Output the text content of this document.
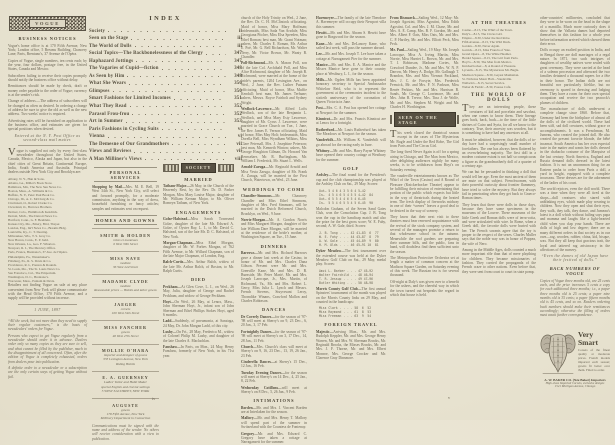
VOGUE
BUSINESS NOTICES

Vogue's home office is at 170 Fifth Avenue, New York; London office, 5 Breams Building, Chancery Lane; Paris, Brentano's, 37 Avenue de l'Opéra.

Copies of Vogue, single numbers, ten cents each; by the year, four dollars, postage free, in the United States, Canada and Mexico.

Subscribers failing to receive their copies promptly should notify the business office without delay.

Remittances should be made by check, draft or money order payable to the order of Vogue; currency is at the sender's risk.

Change of address.—The address of subscribers will be changed as often as desired. In ordering a change of address be sure to give the old as well as the new address. Two weeks' notice is required.

Advertising rates will be furnished on application to the business office, and estimates are given for special positions when desired.

Entered at the N. Y. Post Office as second-class mail matter.

Vogue is supplied not only by every first-class newsdealer throughout the United States, Canada, Mexico, Alaska and Japan, but also in the chief cities of Great Britain, Continental Europe, India, South America and Australia. Principal dealers outside New York City and Brooklyn are:

Albany, N. Y., Hun & Sons.
Atlanta, Ga., Miller's Book Store.
Baltimore, Md., The New Sun News Co.
Boston, Mass., A. Williams & Co.
Buffalo, N. Y., Peter Paul Book Co.
Chicago, Ill., A. C. McClurg & Co.
Cincinnati, O., Robert Clarke Co.
Cleveland, O., Burrows Brothers.
Denver, Colo., Hamilton & Kendrick.
Detroit, Mich., The Detroit News Co.
Hartford, Conn., G. F. Heublein.
Kansas City, Mo., Emery, Bird, Thayer.
London, Eng., Int'l News Co., Breams Bldg.
Louisville, Ky., C. T. Dearing.
Milwaukee, Wis., T. S. Gray Co.
New Haven, Conn., E. P. Judd.
New Orleans, La., Geo. F. Wharton.
Newport, R. I., The Mercury Office.
Paris, France, Brentano's, 37 Ave. de l'Opéra.
Philadelphia, Pa., Wanamaker's.
Pittsburg, Pa., R. S. Davis & Co.
Providence, R. I., Preston & Rounds.
St. Louis, Mo., The St. Louis News Co.
San Francisco, Cal., The Emporium.
Washington, D. C., Brentano's.
Worcester, Mass., Putnam & Davis.

Retailers not finding Vogue on sale at any place convenient from New York will please communicate with the Head Office, 170 Fifth Avenue, and a supply will be provided without increase.

1 JUNE, 1897

“All the week, but not more than they need to supply their regular customers,” is the basis of newsdealers' orders for Vogue.

Persons who expect to get Vogue regularly from a newsdealer should order it in advance. Dealers order only so many copies as they are sure to sell, and what cannot be filled by the publisher, much to the disappointment of all concerned. Often, after the edition of Vogue is completely exhausted, orders from dealers pour into publication.

A definite order to a newsdealer or a subscription are the only certain ways of getting Vogue without fail.

INDEX
Society	ii
Seen on the Stage	iii
The World of Dolls	iii
Social Topics—The Backbonelessness of the Clergy	347
Haphazard Jottings	347
The Vagaries of Cupid—fiction	348
As Seen by Him	348
What She Wears	350
Glimpses	350
Smart Fashions for Limited Incomes	351
What They Read	352
Parasol Frou-frou	352
Art in Summer	353
Paris Fashions in Cycling Suits	vi
Vienna	vi
The Demesne of Our Grandmothers	vii
Views and Reviews	vii
A Man Milliner's Views	viii
PERSONAL SERVICES

Shopping by Mail—Mrs. M. E. Bell, 19 West 34th St., New York City, will select and forward promptly, for a moderate commission, anything in the way of dress, household furnishing or fancy articles; samples and estimates sent on request.

HOMES AND GOWNS
SMITH & HOLDEN
robes et manteaux
6 West 39th Street
MISS NAVE
modiste
36 West 22d Street
MADAME CLYDE
modiste
Reasonable prices — Habits and tailor gowns
JAEGER
corsets
160 West 34th Street
MISS FANCHER
gowns
48 West 27th Street
MOLLIE O'HARA
importer and designer of gowns
333 Lexington Avenue, New York
Riding Habits
E. A. GUERNSEY
Ladies' Tailor and Habit Maker
special English and cheviot suitings
5 WEST 32d STREET, NEW YORK
AUGUSTE
gowns
178 Fifth Avenue, New York
Millinery Department in Connection

Communications must be signed with the name and address of the sender. No others will receive consideration with a view to publication.

SOCIETY
MARRIED

Tatham-Major—26 May, in the Church of the Heavenly Rest, by the Rev. Dr. D. Parker Morgan, Miss Mary Louise Major, daughter of Mr. William Kernan Major, to Mr. Oliver Romeyn Tatham, of New York.

ENGAGEMENTS

Golze-Halstead—Miss Sarah Townsend Golze, daughter of the late Mr. Edward A. Golze, of Oyster Bay, L. I., to Mr. David C. Halstead, son of the late Mr. D. C. Halstead, of New York.

Morgan-Chapman—Miss Ethel Morgan, daughter of Mr. W. Forbes Morgan, of 762 Fifth Avenue, to Mr. Willard Chapman, son of the late Major Chapman, of London, Eng.

Balch-Curtis—Mrs. Arthur Balch, widow of the late Mr. Arthur Balch, of Boston, to Mr. Ralph Curtis.

DIED

Peckham—At Glen Cove, L. I., on Wed., 26 May, Julia, daughter of George and Rachel Peckham, and widow of George Peckham.

Hoyt—On Wed., 26 May, at Lenox, Mass., John Sherman Hoyt, Jr., infant son of John Sherman and Ethel Phillips Stokes Hoyt, aged 6 months.

Ladd—Suddenly, of pneumonia, at Saratoga, 24 May, Dr. John Morgan Ladd, of this city.

Lusby—On Fri., 28 May, Frederica M., widow of Colonel Philip M. Lusby, and daughter of the late Charles A. Maclachlan.

Fanshaw—In Paris, on Mon., 24 May, Henry Fanshaw, formerly of New York, in his 71st year.

church of the Holy Trinity on Wed., 2 June, the Rev. Dr. C. H. McClintock officiating. Maid of honor, Miss Mary Hoffman; bridesmaids, Miss Sada Van Arsdale, Miss Georgiana Pitcher, Miss Elsa Speeden, Miss Ethel Roman; best man, Mr. Grant Notman; ushers, Mr. Charles E. Roman, Mr. Arthur E. Poë, Mr. G. Bell Richardson, Mr. Walter Terry, Mr. Victor Brown, Mr. Wanty B. Chandler.

Poll-Richmond—Mr. A. Mason Poll, son of the late Col. Archibald Poll, and Miss Alice Richmond, daughter of Mr. Joseph B. Richmond, were married at the home of the bride's parents, 1204 Lexington Ave., on Wed., 2 June, the Rev. Luther Putnam officiating. Maid of honor, Miss Muffie Kendall; best man, Mr. James Terhune; ushers, Messrs. Royce Fairholt and Sydney Wright.

Wedlock-Lawrence—Mr. Alfred Lofts Wedlock, son of the late Benjamin L. Wedlock, and Miss Mary Esty Lawrence, daughter of Mr. Cyrus J. Lawrence, were married in Grace Church on Tue., 1 June, the Rev. James E. Vernon officiating. Maid of honor, Miss May Holt; bridesmaids, Miss Dorella Bell, Miss Wyndham Wilkins, Miss Clare Petersall, Mrs. J. Josephine Peterson; best man, Mr. Kenneth Winton; ushers, Mr. George Houghton Gilman, Dr. Howard Van Rensselaer, Mr. R. Burlingham, Mr. William J. Frederick, Mr. Stuart L. Wells.

Arnold-Zaruga—Mr. Reginald Arnold and Miss Vesta Zaruga, daughter of Mr. Frank A. Zaruga, will be married in the First Church, Watertown, on Wed., 23 June.

WEDDINGS TO COME

Chandler-Simmons—Mr. Chauncey Chandler and Miss Ethel Simmons, daughter of Mrs. Fred Simmons, will be married in the Dutch Reformed Church, Brooklyn, on Wed., 9 June.

Norris-Morgan—Mr. A. Gordon Norris and Miss Margaret Morgan, daughter of the late William Dare Morgan, will be married at the residence of the bride's mother, at Washington Square, on Tue., 15 June.

DINNERS

Barrows—Mr. and Mrs. Richard Barrows gave a dinner last week at the Casino, in honor of Mr. and Mrs. Charles Dana Gibson. Present were Mr. and Mrs. Grenville Kane, Mr. and Mrs. D. B. Burnside, Mr. Peter Marié, Mr. and Mrs. Joseph Larocque, Jr., Mrs. Martin, of Richmond, Va., Mr. and Mrs. Robert L. Gerry, Miss Julia L. Lynch and Messrs. French Stevens, Stuyvesant Leroy, Thorndike Winans, Crawford Mallon and Charles Robinson.

DANCES

De Coverly Dances—for the season of '97-'98 will meet at Sherry's on 9, 23 Dec., 6, 20 Jan., 3, 17 Feb.

Fortnightly Dances—for the season of '97-'98 will meet at Sherry's on 3, 17 Dec., 14, 28 Jan., 11 Feb.

Church—Mrs. Church's class will meet at Sherry's on 9, 16, 23 Dec., 13, 19, 26 Jan., 23 Feb.

Cinderella Dances—at Sherry's 15 Dec., 12 Jan., 16 Feb.

Tuesday Evening Dances—for the season will meet at Sherry's on 14 Dec., 4, 25 Jan., 8, 22 Feb.

Wednesday Cotillons—will meet at Sherry's on 8 Dec., 5, 26 Jan., 9 Feb.

INTIMATIONS

Borden—Mr. and Mrs. J. Vincent Borden are at Interlaken for the season.

Mallory—Mr. and Mrs. Henry T. Mallory will spend part of the summer in Switzerland with the Countess de Fontenay.

Gregory—Mr. and Mrs. Edward C. Gregory have taken a cottage at Narragansett for the summer.

iv

Havemeyer—The family of the late Theodore A. Havemeyer will occupy their Newport villa this summer.

Hewitt—Mr. and Mrs. Abram S. Hewitt have gone to Ringwood for the season.

Kane—Mr. and Mrs. DeLancey Kane, who sailed last week, will pass the summer abroad.

Lee—Mr. and Mrs. Joseph T. Lee have taken a cottage at Narragansett Pier for the summer.

Manice—Mr. and Mrs. E. A. Manice and the Misses Manice have gone to their country place at Westbury, L. I., for the season.

Mills—Mr. Ogden Mills has been appointed honorary secretary to Special Ambassador Whitelaw Reid, who is to represent the government at the ceremonies incident to the sixtieth anniversary of the coronation of Queen Victoria in June.

Post—Mrs. C. A. Post has opened her cottage at Newport for the summer.

Kinnicut—Dr. and Mrs. Francis Kinnicut are at Lenox for a fortnight.

Rutherfurd—Mr. Louis Rutherfurd has taken The Meadows at Newport for the season.

Vanderbilt—Mr. William K. Vanderbilt will go abroad for the racing early in June.

Whitney—Mr. and Mrs. Harry Payne Whitney have opened their country cottage at Westbury for the summer.

GOLF

Ardsley—The final round for the President's cup and the club championship was played at the Ardsley Club on Sat., 29 May. Scores:

Out— 5 4 6 4 3 5 6 4 5—42
In—  4 5 4 6 5 4 5 5 4—42  84
Out— 6 5 5 4 4 6 5 4 6—45
In—  5 5 4 6 5 5 4 5 6—45  90

Malcolm Graham, of the Seven Sand Gates Club, won the Consolation Cup. J. B. Tong won the cup in the handicap match and also the prize for the best gross score; W. E. Fahy, second; A. W. Gale, third. Scores:

J. B. Tong . . . 42 41—83  6  77
W. E. Fahy . . . 44 43—87  8  79
A. W. Gale . . . 45 44—89  9  80
H. M. Olds . . . 46 45—91 10  81

Dyker Meadow—The first tournament over the extended course was held at the Dyker Meadow Golf Club on Sat., 29 May, medal play. Scores:

Amzi L. Barber . . . 47 45—92
Walter Fairchild . . 48 46—94
T. R. Jessup . . . . 49 47—96
Butler Whiting . . . 50 48—98

Morris County Golf Club—The first annual Spinsters' tournament of the month was played on the Morris County links on 29 May, and counted in the handicaps:

Miss Clark . . . . 58  6  52
Miss Raymond . . . 61  8  53
Miss Freeman . . . 63  9  54
FOREIGN TRAVEL

Majestic—Arriving Mon., Mr. and Mrs. Rudolph Keppler, Mr. and Mrs. George Henry Warren, Mr. and Mrs. W. Sherman Brooks, Mr. Reginald Brooks, the Misses Brooks, Mr. and Mrs. J. F. Thorne, Mr. and Mrs. Elbert Monroe, Mrs. George Crocker and Mr. Clarence Gray Dinsmore.

From Bismarck—Sailing Wed., 12 May: Mr. Joseph Agostini, Miss Agostini, Miss Edith Agostini, Col. and Mrs. J. M. Chase, Mr. and Mrs. A. E. Camp, Mrs. B. F. Gordon, Mr. and Mrs. Albert F. Oats, Miss Oats, Mr. and Mrs. C. P. Hartley, Mr. and Mrs. Elliott Peck, Miss Peck.

Mr. Paul—Sailing Wed., 19 May: Mr. Joseph Larocque, Miss A. Irving Martin, Miss Norrie, Miss Harriet L. Brown, Mr. and Mrs. T. J. Robinson, Madame Cortes, Mr. Crawford Dundee, Jr., Mr. and Mrs. W. N. P. Darrow, Mr. Henry A. Dodge, Mr. Gallaugh T. Brandon, Mrs. and Miss Viennot Packland, Mrs. J. C. de Forsyte, Mrs. Frederick Fenwick, Mr. and Mrs. F. N. Parkson, Miss Renée Perkins, Mr. and Mrs. Harrison B. Sands, Mr. George C. Lorrimore, Mr. and Mrs. John B. Trevor, Mrs. Tina J. de Wolfe, Mr. and Mrs. Stephen M. Wright and Mr. Charles H. Worthington.

SEEN ON THE STAGE

This week closed the theatrical season except in the cases of The Mysterious Mr. Bugle and Under the Red Robe, The Girl from Paris and The Circus Girl.

The long-lived Never Again is off for a spring airing in Chicago, and The Man from Mexico, after delighting audiences nightly for many weeks, is to be withdrawn from Hoyt's on Saturday evening.

The vaudeville entertainments known as The Whirl of the Town (Casino) and A Round of Pleasure (Knickerbocker Theatre) appear to be fulfilling their mission of entertaining that portion of the public which expects but little in the way of theatricals during the heated term. The fresh display of fireworks midway in one of their “scenes” leaves a good deal to be desired in the way of scenery.

They know that their next visit to these theatres must bear renewed acquaintance with the revival of the stock company system, and several of the managers promise a return to that wholesome school in the autumn. Meanwhile the roof gardens are preparing their summer bills, and the public, fans in hand, will doubtless find them sufficient unto the season.

The Metropolitan Protective Orchestra set at length a matter of common concern at the Madison Square Garden, on Saturday evening of this week. The Russian tea is for several thousand.

Off-night at Daly's was given over to a benefit for the ushers, and the cheerful way in which the town turned out bespeaks the regard in which that house is held.

AT THE THEATRES
Casino—8.15, The Whirl of the Town.
Daly's—8.15, The Circus Girl.
Empire—8.30, Under the Red Robe.
Fifth Avenue—8.15, The Wild Duck.
Garden—8.30, Never Again.
Garrick—8.15, Miss Francis of Yale.
Grand Opera—8, The White Heather.
Herald Square—8.15, The Girl from Paris.
Hoyt's—8.30, The Man from Mexico.
Knickerbocker—8, A Round of Pleasure.
Lyceum—8.15, The Mysterious Mr. Bugle.
Madison Square—8.30, Gayest Manhattan.
St. Nicholas Music Hall—Vaudeville.
Wallack's—8.15, Secret Service.
Weber & Fields'—8.30, Pousse Café.
THE WORLD OF DOLLS

They are an interesting people, these creatures of kid and porcelain and sawdust, when one comes to know them. Their lineage goes back, back, back—to the time of the little shrines of Cairo and Syria, for all we know to the contrary. True, their ancestry was wooden, but it is something to have had any ancestors at all.

It must be admitted, however, that the dolls of to-day have had a surprisingly small number of forefathers. The one has always been flattered by an overwhelming majority. The first doll in a modern costume extant is not half so conspicuous a figure as the grandmotherly doll of a quarter of a century ago.

We can but be persuaded in thinking a doll that would tell her age. Even the most ancient of them are mute on that subject. Frenchwomen, with their powerful curiosity about frontier flummery, have tried to solve the mystery. But they always fail in penetrating when they get back to Graeco-Roman times.

They learn that there were dolls in those days, because they have some specimens in the museums of the Louvre. These museums of the little Greek and Roman dolls were of terra-cotta, and were articulated with wire. In Rome, when a Greek doll, the favorite dolls were buried with her. The French savants agree that the toy is proper to the respect of the sexes. Charles Muller says that the noble way was in honor of Poppea, the wife of Nero.

Among in the Middle Ages, dolls counted a much more important rôle than that of mere plaything for children. They became missionaries of fashion. They carried the propaganda of the French craze to other nations. Even before that, they were sent from court to court in state pomp.

other-countries' millineries, concluded that they were to be worn on the head in the shape of a mantilla. Much more curiously does it show that the Vallarta dames had deported themselves in this fashion for a whole year before information arrived which showed them their error.

Dolls occupy an exalted position in India, and in Bengal there are doll marriages of a regal nature. In 1871, two such intrigues of daughters of wealthy natives were sealed with great ceremony. They were carried at the head of a solemn procession and afterward the two families detained a thousand rupees for a fête in their honor. The Indian dolls are not beautiful nor particularly lifelike, but no ceremony is spared in dressing and lodging them. They have a room for their own special occupation and receive the two peacock's plumes of children.

The manufacture of dolls underwent a complete change since 1860. Before that, Germany had been the birthplace of almost all the dolls of the civilized world. These had been stiff, sad doll creatures, without grace or accomplishments. It was a Frenchman, M. Jumeau, who created the jointed doll. He also created the present favorite blonde, the bébé incarnat. South America has her own especial taste in the matter and wants her dolls dressed in the chabacho costume of the Marquise of the last century. North America, England and Russia demand dolls dressed in the latest fashion. It is not an uncommon thing for an Eastern pasha to order from Paris a doll, a yard in height, equipped with a complete trousseau. These dresses are for the adornment of the ladies of his court.

The world rejoices, even the doll world. There was a time when they were all tired at the shops—dull creatures who stared with unblinking eyes, which made play wearing to children. Now they open and shut their eyes, they walk, they talk, they dance, and Jumeau's latest is a doll which without failing says papa and mamma and laughs like a light-hearted child when you clap your hands. There are dolls of high and low degree; there are as many different orders in that society as in our own—rag, wooden, rubber, china, kid, bisque, wax. But they all keep that gracious trait, the loyal and tattered rag aristocracy in the affections of the nursery.

“Even the dames of old Japan have their festival of dolls.”
BACK NUMBERS OF VOGUE

Copies of Vogue three months old, are 25 cents each, and the price increases 5 cents a copy for each additional three months; i.e., a paper three months old is 25 cents; a paper nine months old is 35 cents; a paper fifteen months old is 45 cents, and so on. Readers ordering back numbers should make their remittances accordingly; otherwise the filling of orders must await further correspondence.

Very Smart
Corsets of the finest quality at moderate prices. French models imported each season; gowns fit better over them. Fitted to order.
A. W. BAKER CO. (Née Baker) Importers
High-class Imported Corsets, exclusive designs
1521 Michigan Avenue, Chicago
v
